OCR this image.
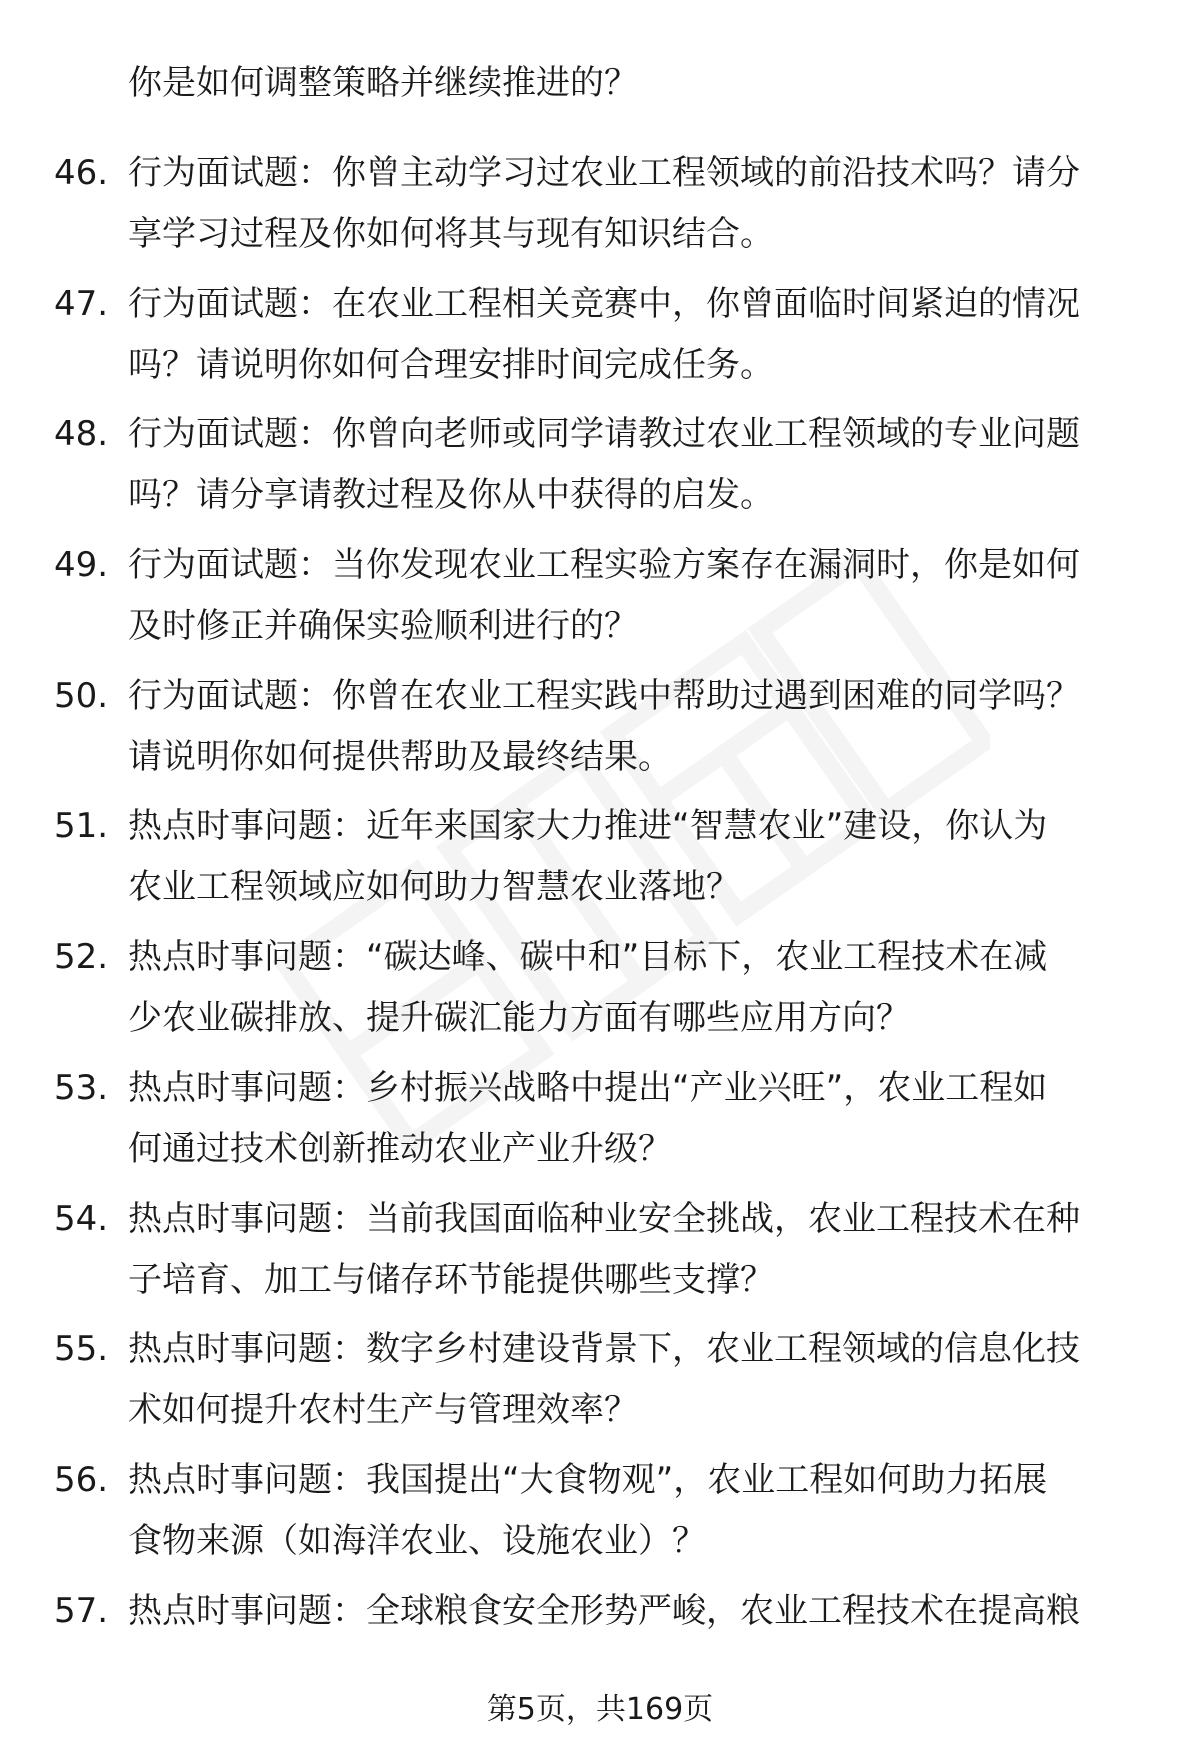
你是如何调整策略并继续推进的？

46. 行为面试题：你曾主动学习过农业工程领域的前沿技术吗？请分
享学习过程及你如何将其与现有知识结合。
47. 行为面试题：在农业工程相关竞赛中，你曾面临时间紧迫的情况
吗？请说明你如何合理安排时间完成任务。
48. 行为面试题：你曾向老师或同学请教过农业工程领域的专业问题
吗？请分享请教过程及你从中获得的启发。
49. 行为面试题：当你发现农业工程实验方案存在漏洞时，你是如何
及时修正并确保实验顺利进行的？
50. 行为面试题：你曾在农业工程实践中帮助过遇到困难的同学吗？
请说明你如何提供帮助及最终结果。
51. 热点时事问题：近年来国家大力推进“智慧农业”建设，你认为
农业工程领域应如何助力智慧农业落地？
52. 热点时事问题：“碳达峰、碳中和”目标下，农业工程技术在减
少农业碳排放、提升碳汇能力方面有哪些应用方向？
53. 热点时事问题：乡村振兴战略中提出“产业兴旺”，农业工程如
何通过技术创新推动农业产业升级？
54. 热点时事问题：当前我国面临种业安全挑战，农业工程技术在种
子培育、加工与储存环节能提供哪些支撑？
55. 热点时事问题：数字乡村建设背景下，农业工程领域的信息化技
术如何提升农村生产与管理效率？
56. 热点时事问题：我国提出“大食物观”，农业工程如何助力拓展
食物来源（如海洋农业、设施农业）？
57. 热点时事问题：全球粮食安全形势严峻，农业工程技术在提高粮
第5页，共169页
